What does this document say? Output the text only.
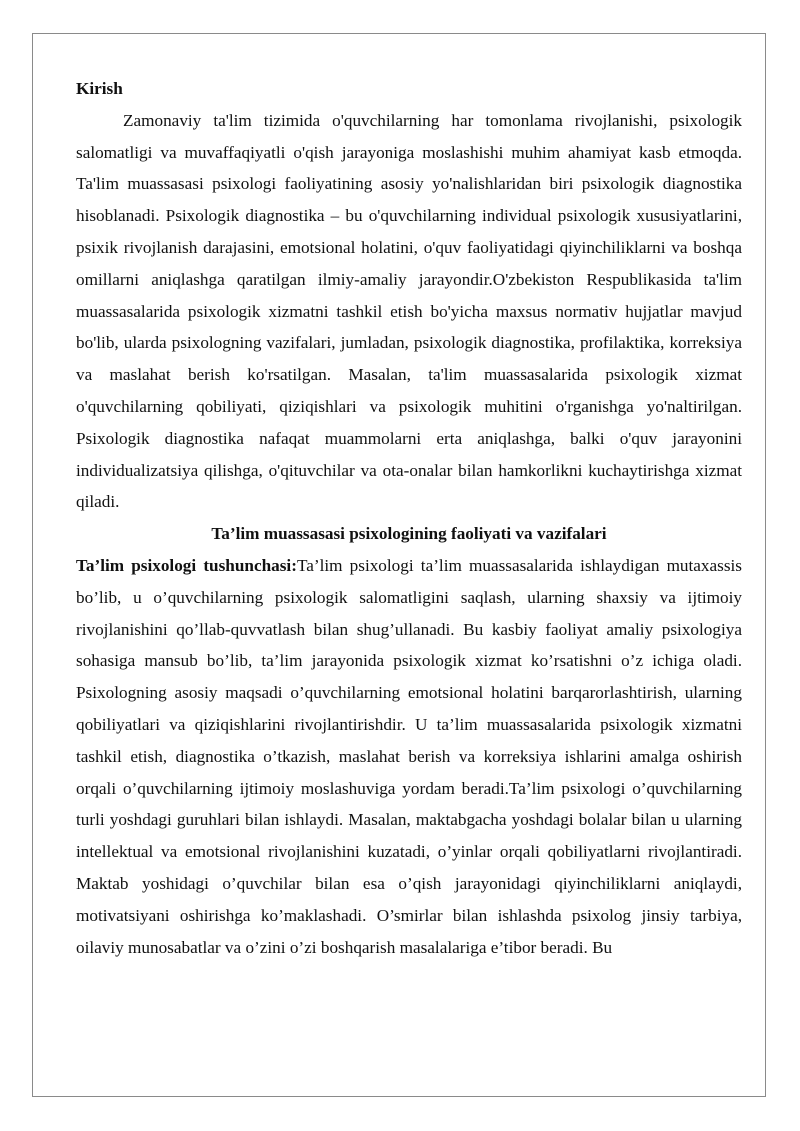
Kirish

Zamonaviy ta'lim tizimida o'quvchilarning har tomonlama rivojlanishi, psixologik salomatligi va muvaffaqiyatli o'qish jarayoniga moslashishi muhim ahamiyat kasb etmoqda. Ta'lim muassasasi psixologi faoliyatining asosiy yo'nalishlaridan biri psixologik diagnostika hisoblanadi. Psixologik diagnostika – bu o'quvchilarning individual psixologik xususiyatlarini, psixik rivojlanish darajasini, emotsional holatini, o'quv faoliyatidagi qiyinchiliklarni va boshqa omillarni aniqlashga qaratilgan ilmiy-amaliy jarayondir.O'zbekiston Respublikasida ta'lim muassasalarida psixologik xizmatni tashkil etish bo'yicha maxsus normativ hujjatlar mavjud bo'lib, ularda psixologning vazifalari, jumladan, psixologik diagnostika, profilaktika, korreksiya va maslahat berish ko'rsatilgan. Masalan, ta'lim muassasalarida psixologik xizmat o'quvchilarning qobiliyati, qiziqishlari va psixologik muhitini o'rganishga yo'naltirilgan. Psixologik diagnostika nafaqat muammolarni erta aniqlashga, balki o'quv jarayonini individualizatsiya qilishga, o'qituvchilar va ota-onalar bilan hamkorlikni kuchaytirishga xizmat qiladi.

Ta’lim muassasasi psixologining faoliyati va vazifalari

Ta’lim psixologi tushunchasi:Ta’lim psixologi ta’lim muassasalarida ishlaydigan mutaxassis bo’lib, u o’quvchilarning psixologik salomatligini saqlash, ularning shaxsiy va ijtimoiy rivojlanishini qo’llab-quvvatlash bilan shug’ullanadi. Bu kasbiy faoliyat amaliy psixologiya sohasiga mansub bo’lib, ta’lim jarayonida psixologik xizmat ko’rsatishni o’z ichiga oladi. Psixologning asosiy maqsadi o’quvchilarning emotsional holatini barqarorlashtirish, ularning qobiliyatlari va qiziqishlarini rivojlantirishdir. U ta’lim muassasalarida psixologik xizmatni tashkil etish, diagnostika o’tkazish, maslahat berish va korreksiya ishlarini amalga oshirish orqali o’quvchilarning ijtimoiy moslashuviga yordam beradi.Ta’lim psixologi o’quvchilarning turli yoshdagi guruhlari bilan ishlaydi. Masalan, maktabgacha yoshdagi bolalar bilan u ularning intellektual va emotsional rivojlanishini kuzatadi, o’yinlar orqali qobiliyatlarni rivojlantiradi. Maktab yoshidagi o’quvchilar bilan esa o’qish jarayonidagi qiyinchiliklarni aniqlaydi, motivatsiyani oshirishga ko’maklashadi. O’smirlar bilan ishlashda psixolog jinsiy tarbiya, oilaviy munosabatlar va o’zini o’zi boshqarish masalalariga e’tibor beradi. Bu
